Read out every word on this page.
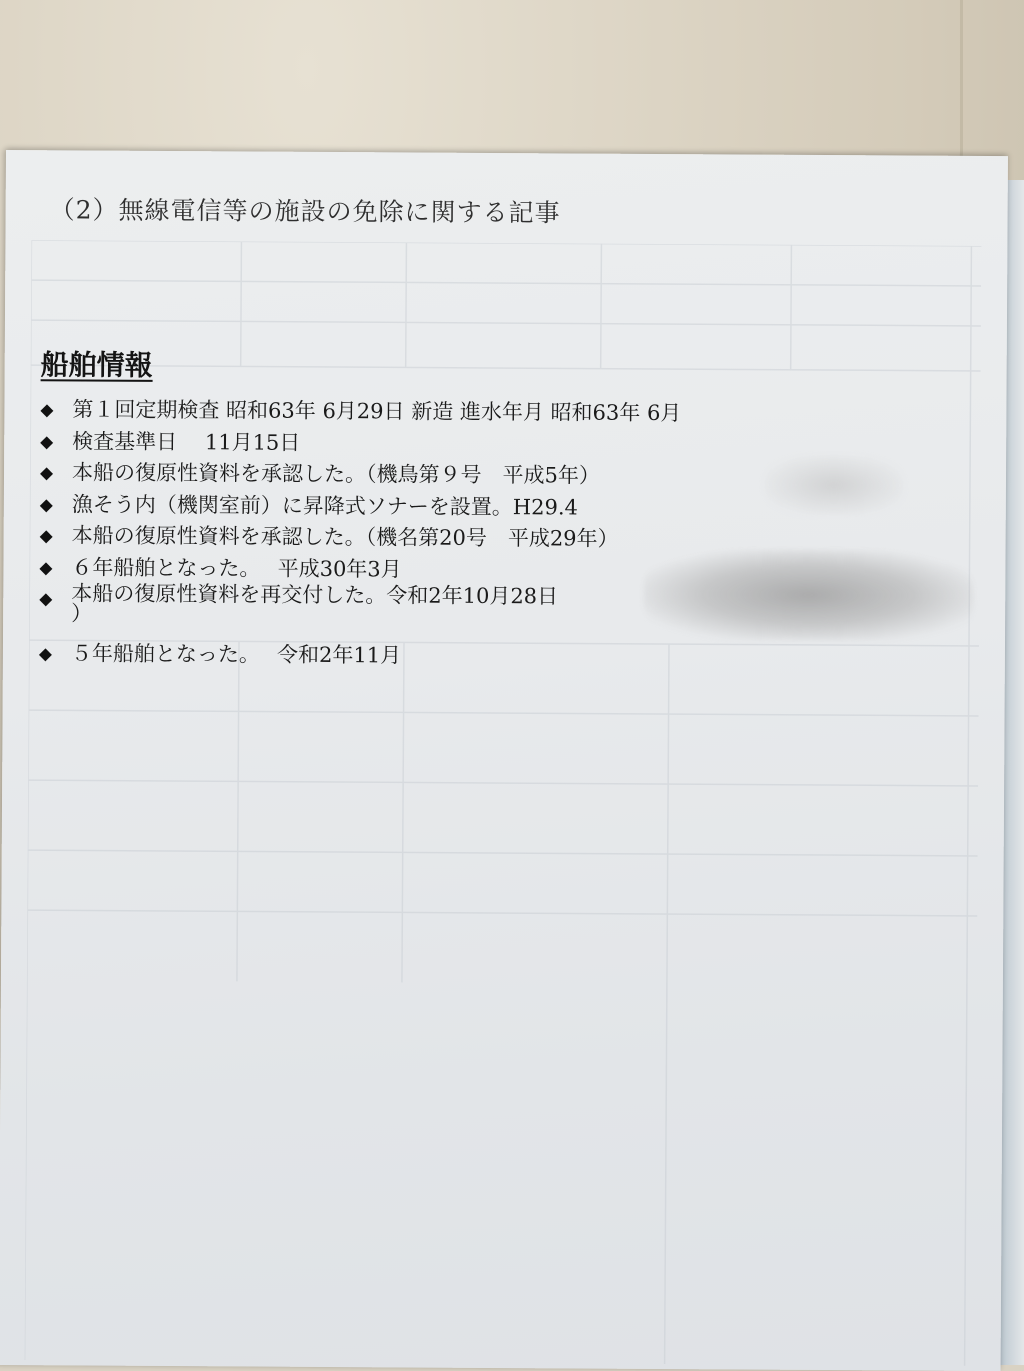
（2）無線電信等の施設の免除に関する記事
船舶情報
◆ 第１回定期検査 昭和63年 6月29日 新造 進水年月 昭和63年 6月
◆ 検査基準日　 11月15日
◆ 本船の復原性資料を承認した。（機鳥第９号　平成5年）
◆ 漁そう内（機関室前）に昇降式ソナーを設置。H29.4
◆ 本船の復原性資料を承認した。（機名第20号　平成29年）
◆ ６年船舶となった。　 平成30年3月
◆ 本船の復原性資料を再交付した。令和2年10月28日
）
◆ ５年船舶となった。　 令和2年11月
